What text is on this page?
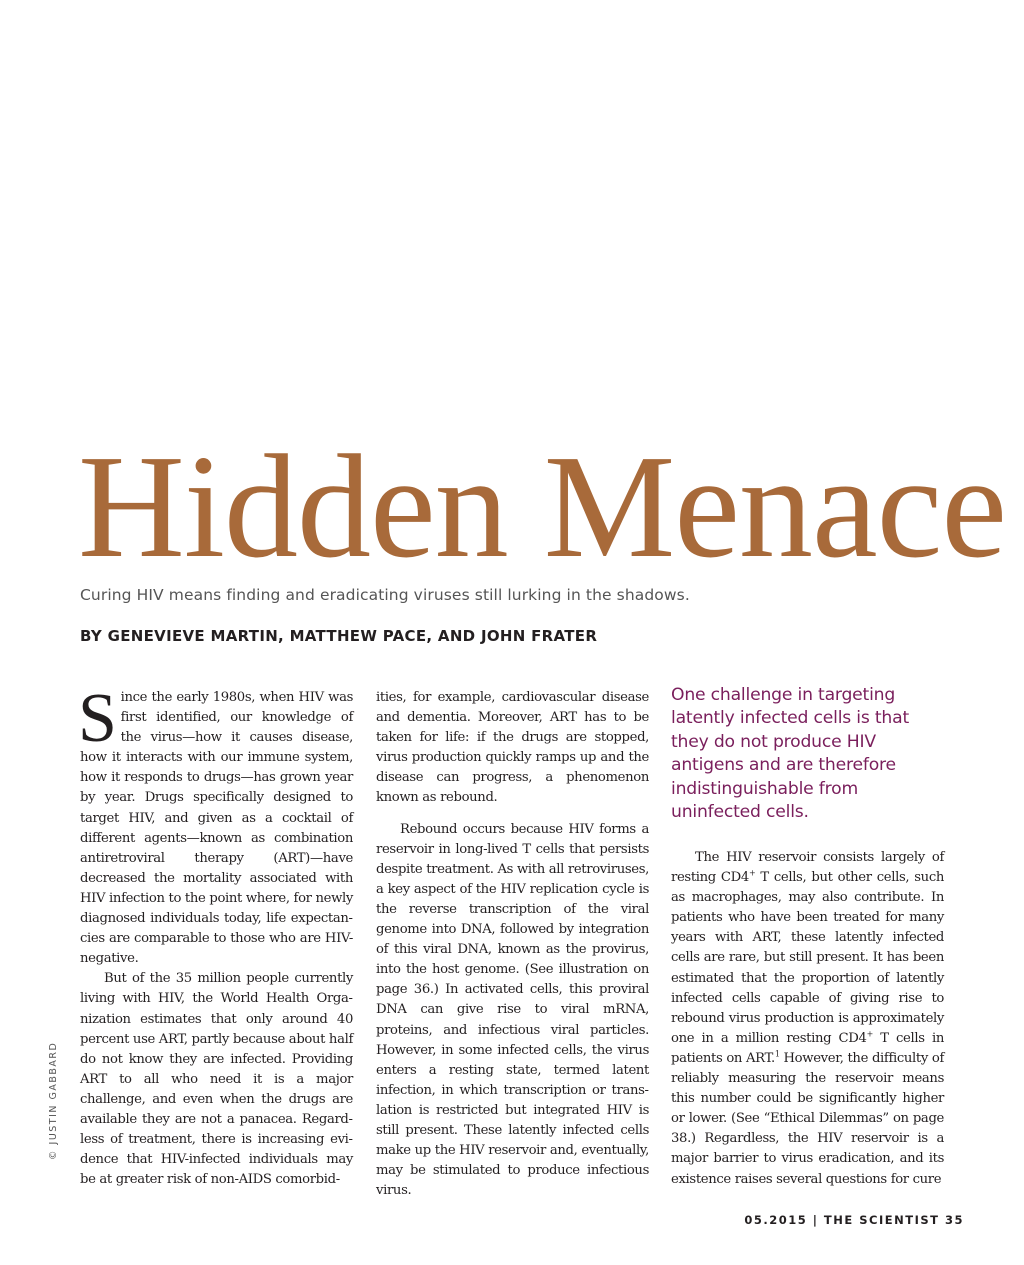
Hidden Menace
Curing HIV means finding and eradicating viruses still lurking in the shadows.
BY GENEVIEVE MARTIN, MATTHEW PACE, AND JOHN FRATER

Since the early 1980s, when HIV was first identified, our knowledge of the virus—how it causes disease, how it interacts with our immune system, how it responds to drugs—has grown year by year. Drugs specifically designed to target HIV, and given as a cocktail of different agents—known as combination antiretroviral therapy (ART)—have decreased the mortality associated with HIV infection to the point where, for newly diagnosed individuals today, life expectancies are comparable to those who are HIV-negative.

But of the 35 million people currently living with HIV, the World Health Organization estimates that only around 40 percent use ART, partly because about half do not know they are infected. Providing ART to all who need it is a major challenge, and even when the drugs are available they are not a panacea. Regardless of treatment, there is increasing evidence that HIV-infected individuals may be at greater risk of non-AIDS comorbid-

ities, for example, cardiovascular disease and dementia. Moreover, ART has to be taken for life: if the drugs are stopped, virus production quickly ramps up and the disease can progress, a phenomenon known as rebound.

Rebound occurs because HIV forms a reservoir in long-lived T cells that persists despite treatment. As with all retroviruses, a key aspect of the HIV replication cycle is the reverse transcription of the viral genome into DNA, followed by integration of this viral DNA, known as the provirus, into the host genome. (See illustration on page 36.) In activated cells, this proviral DNA can give rise to viral mRNA, proteins, and infectious viral particles. However, in some infected cells, the virus enters a resting state, termed latent infection, in which transcription or translation is restricted but integrated HIV is still present. These latently infected cells make up the HIV reservoir and, eventually, may be stimulated to produce infectious virus.

One challenge in targeting latently infected cells is that they do not produce HIV antigens and are therefore indistinguishable from uninfected cells.

The HIV reservoir consists largely of resting CD4+ T cells, but other cells, such as macrophages, may also contribute. In patients who have been treated for many years with ART, these latently infected cells are rare, but still present. It has been estimated that the proportion of latently infected cells capable of giving rise to rebound virus production is approximately one in a million resting CD4+ T cells in patients on ART.$^1$ However, the difficulty of reliably measuring the reservoir means this number could be significantly higher or lower. (See “Ethical Dilemmas” on page 38.) Regardless, the HIV reservoir is a major barrier to virus eradication, and its existence raises several questions for cure

© JUSTIN GABBARD
05.2015 | THE SCIENTIST 35
